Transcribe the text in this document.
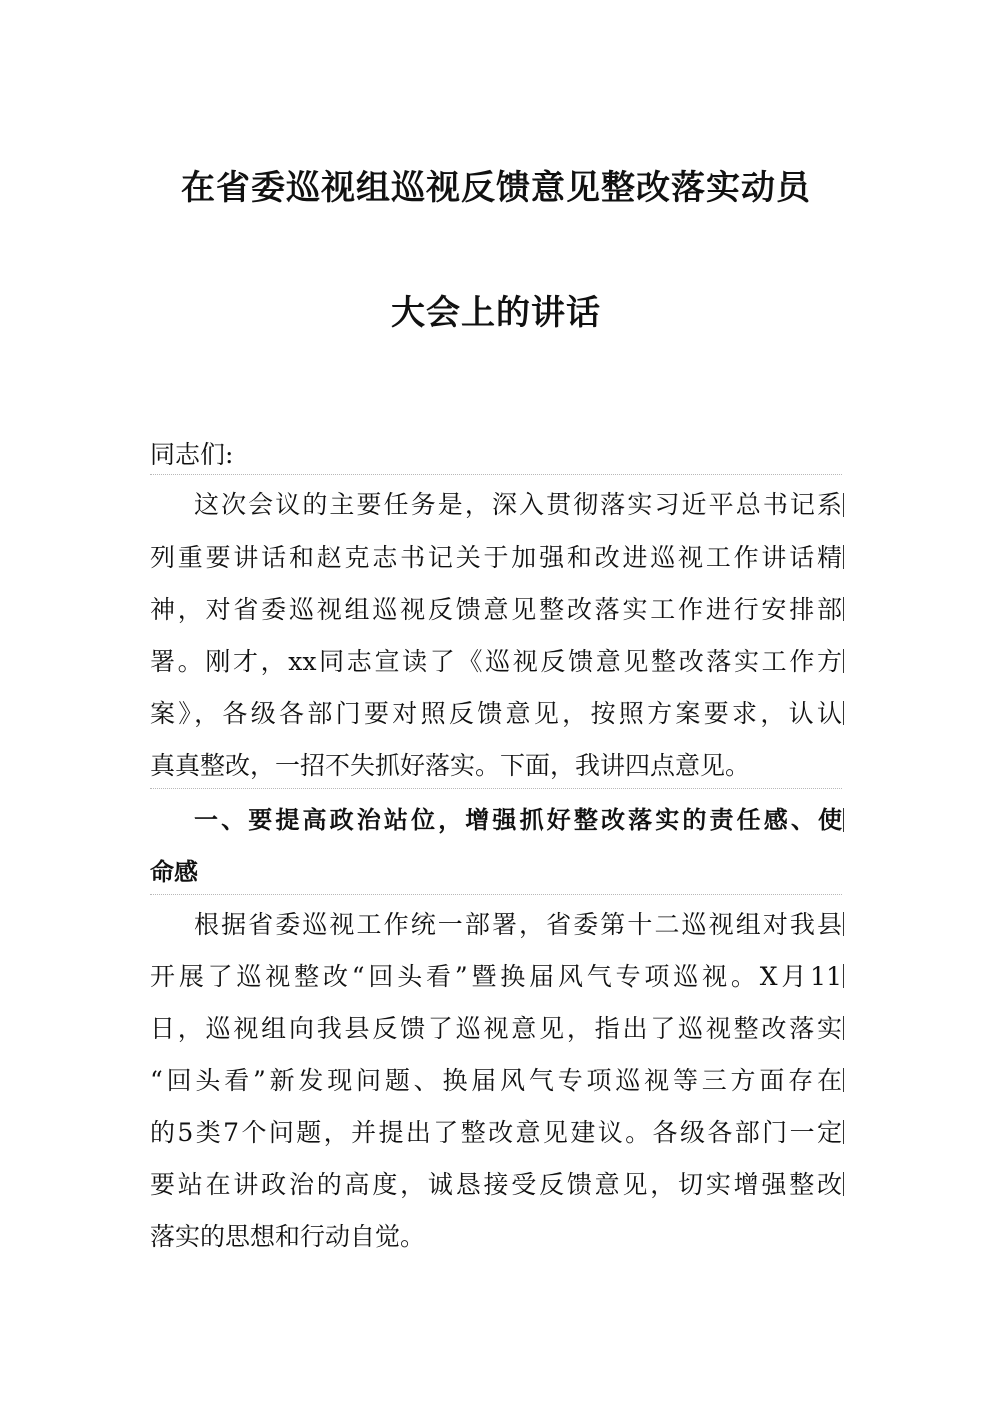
在省委巡视组巡视反馈意见整改落实动员
大会上的讲话

同志们:

这次会议的主要任务是，深入贯彻落实习近平总书记系

列重要讲话和赵克志书记关于加强和改进巡视工作讲话精

神，对省委巡视组巡视反馈意见整改落实工作进行安排部

署。刚才，xx同志宣读了《巡视反馈意见整改落实工作方

案》，各级各部门要对照反馈意见，按照方案要求，认认

真真整改，一招不失抓好落实。下面，我讲四点意见。

一、要提高政治站位，增强抓好整改落实的责任感、使

命感

根据省委巡视工作统一部署，省委第十二巡视组对我县

开展了巡视整改“回头看”暨换届风气专项巡视。X月11

日，巡视组向我县反馈了巡视意见，指出了巡视整改落实

“回头看”新发现问题、换届风气专项巡视等三方面存在

的5类7个问题，并提出了整改意见建议。各级各部门一定

要站在讲政治的高度，诚恳接受反馈意见，切实增强整改

落实的思想和行动自觉。
